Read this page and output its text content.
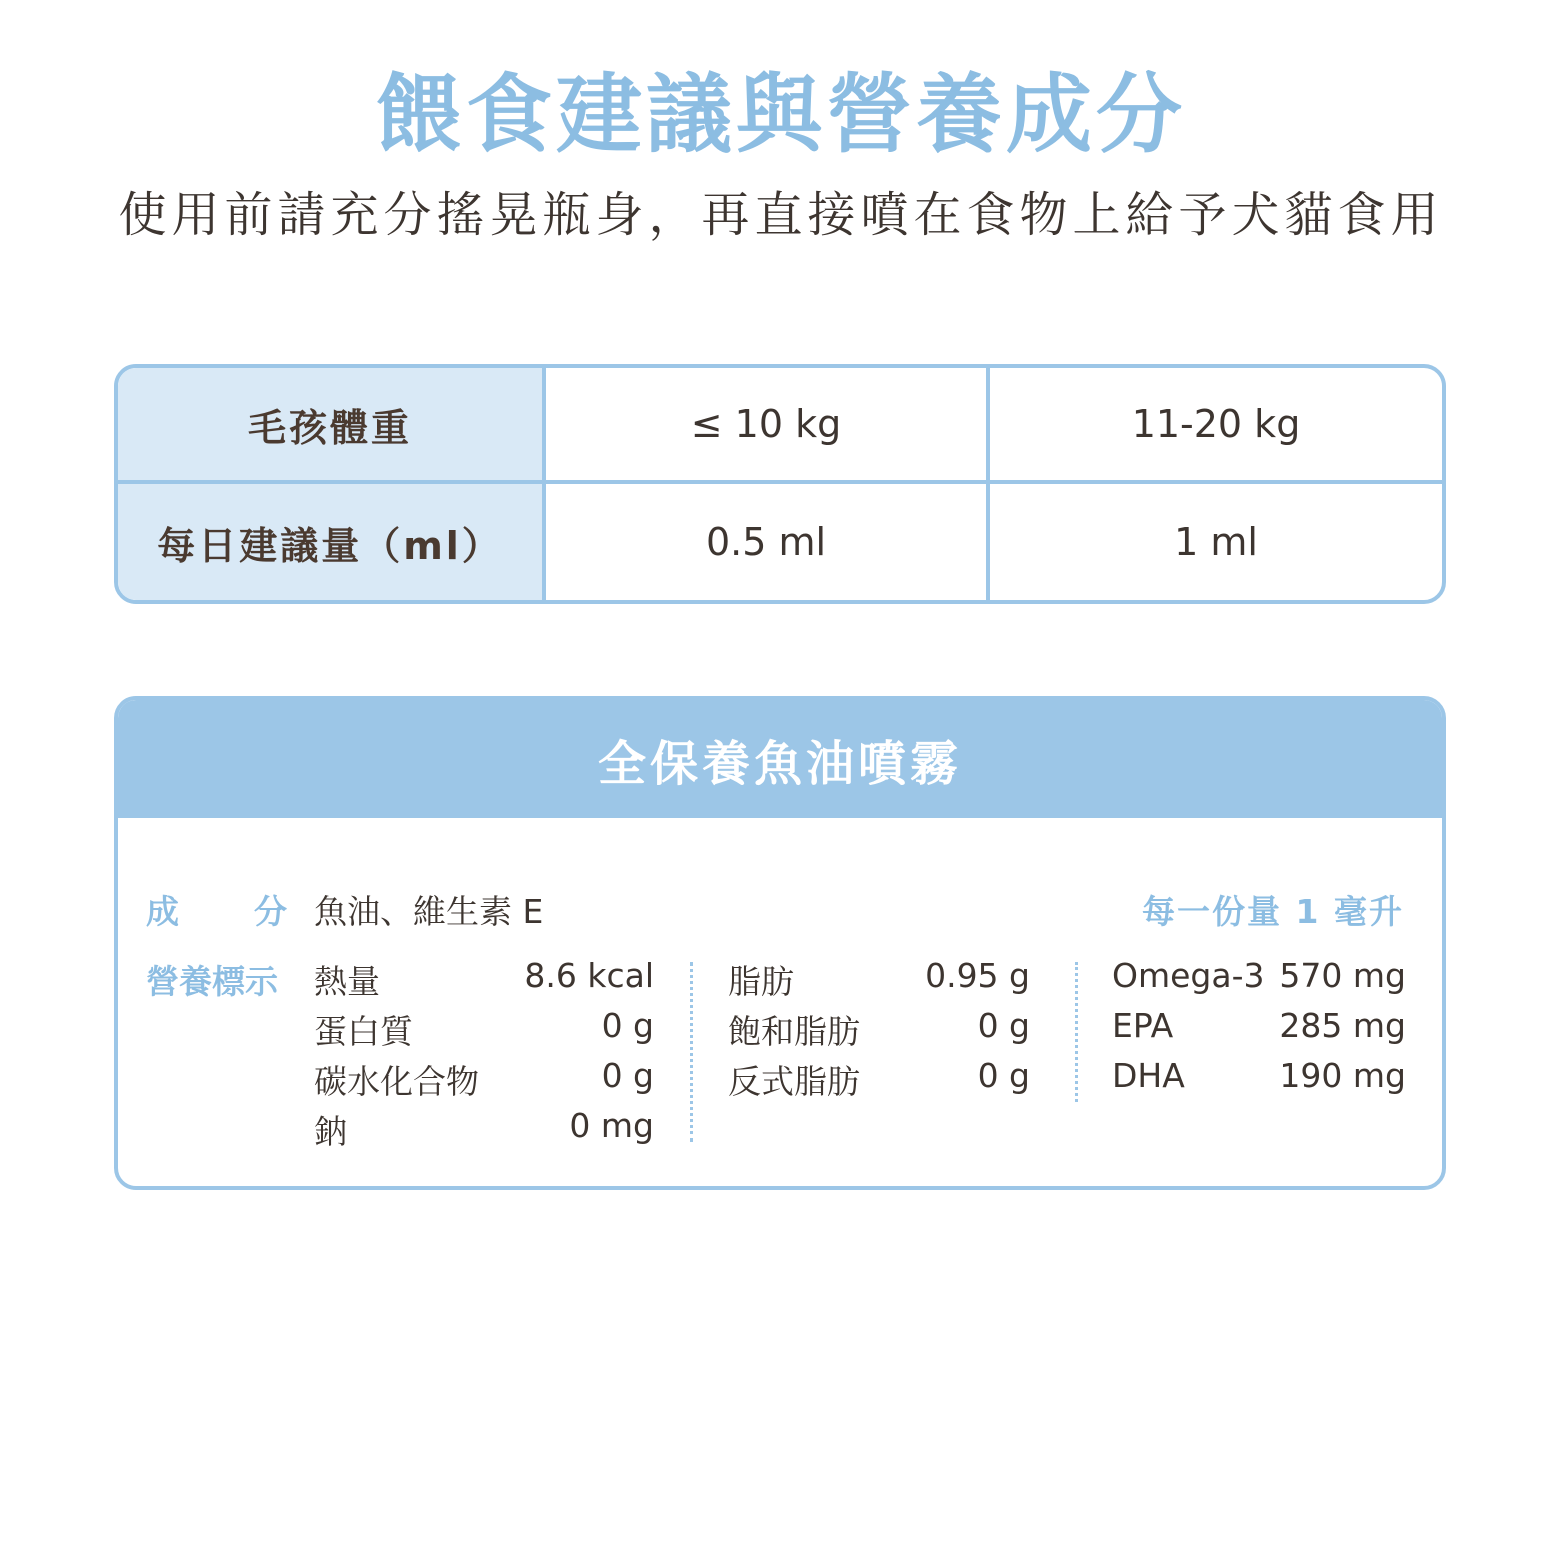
餵食建議與營養成分
使用前請充分搖晃瓶身，再直接噴在食物上給予犬貓食用
毛孩體重	≤ 10 kg	11-20 kg
每日建議量（ml）	0.5 ml	1 ml
全保養魚油噴霧
成 分 魚油、維生素 E	每一份量 1 毫升
營養標示 熱量	8.6 kcal
蛋白質	0 g
碳水化合物	0 g
鈉	0 mg
脂肪	0.95 g
飽和脂肪	0 g
反式脂肪	0 g
Omega-3 570 mg
EPA	285 mg
DHA	190 mg
